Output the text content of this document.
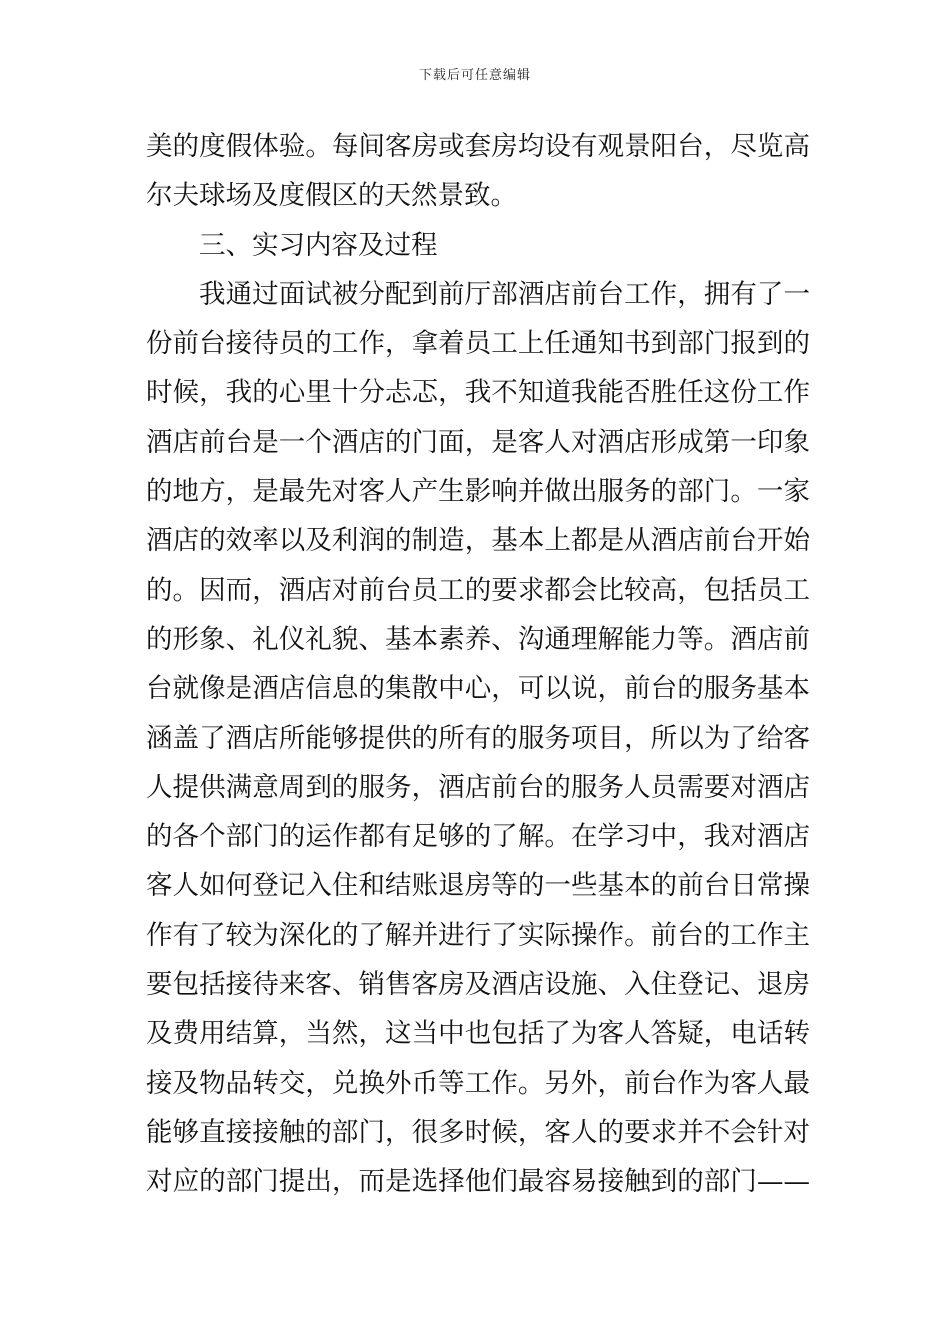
下载后可任意编辑
美的度假体验。每间客房或套房均设有观景阳台，尽览高
尔夫球场及度假区的天然景致。
三、实习内容及过程
我通过面试被分配到前厅部酒店前台工作，拥有了一
份前台接待员的工作，拿着员工上任通知书到部门报到的
时候，我的心里十分忐忑，我不知道我能否胜任这份工作
酒店前台是一个酒店的门面，是客人对酒店形成第一印象
的地方，是最先对客人产生影响并做出服务的部门。一家
酒店的效率以及利润的制造，基本上都是从酒店前台开始
的。因而，酒店对前台员工的要求都会比较高，包括员工
的形象、礼仪礼貌、基本素养、沟通理解能力等。酒店前
台就像是酒店信息的集散中心，可以说，前台的服务基本
涵盖了酒店所能够提供的所有的服务项目，所以为了给客
人提供满意周到的服务，酒店前台的服务人员需要对酒店
的各个部门的运作都有足够的了解。在学习中，我对酒店
客人如何登记入住和结账退房等的一些基本的前台日常操
作有了较为深化的了解并进行了实际操作。前台的工作主
要包括接待来客、销售客房及酒店设施、入住登记、退房
及费用结算，当然，这当中也包括了为客人答疑，电话转
接及物品转交，兑换外币等工作。另外，前台作为客人最
能够直接接触的部门，很多时候，客人的要求并不会针对
对应的部门提出，而是选择他们最容易接触到的部门——
